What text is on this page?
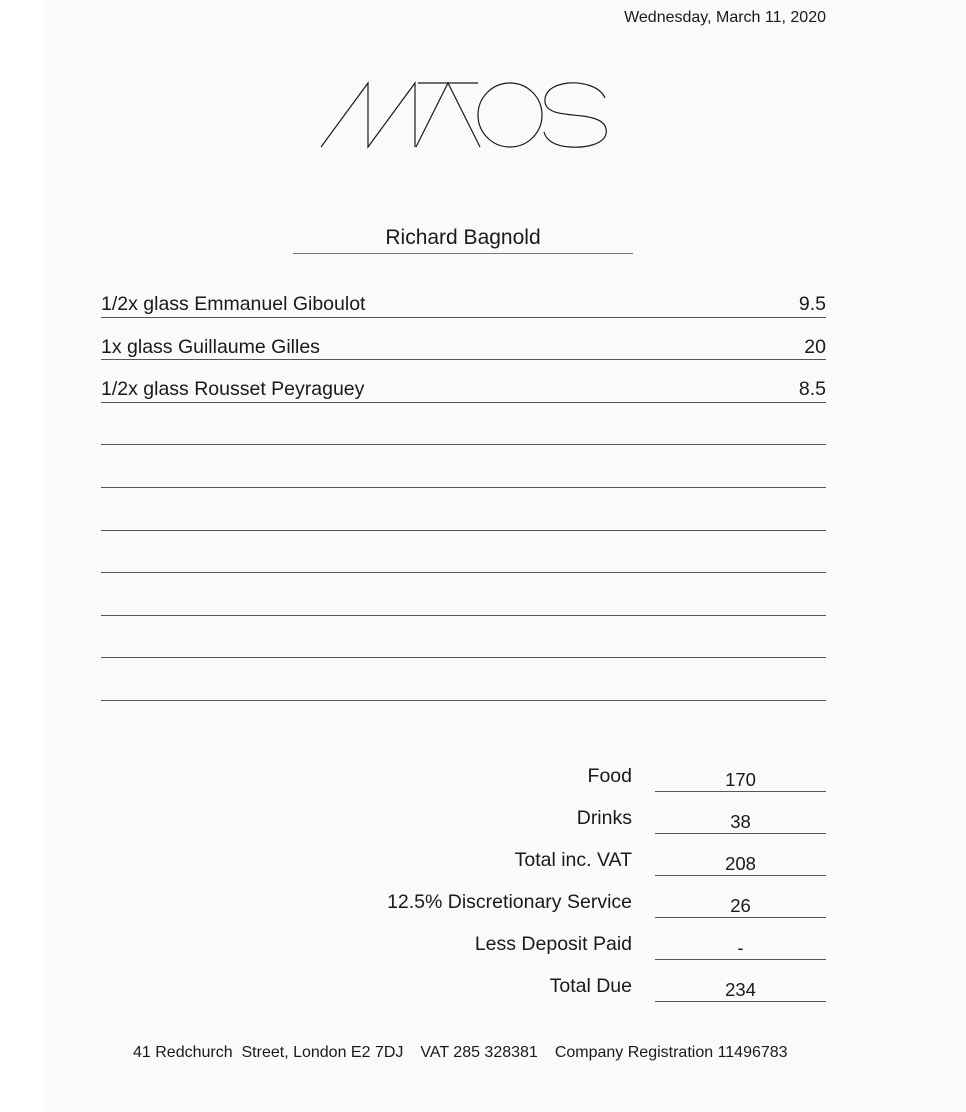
Wednesday, March 11, 2020
Richard Bagnold
1/2x glass Emmanuel Giboulot	9.5
1x glass Guillaume Gilles	20
1/2x glass Rousset Peyraguey	8.5
Food	170
Drinks	38
Total inc. VAT	208
12.5% Discretionary Service	26
Less Deposit Paid	-
Total Due	234
41 Redchurch  Street, London E2 7DJ VAT 285 328381 Company Registration 11496783
